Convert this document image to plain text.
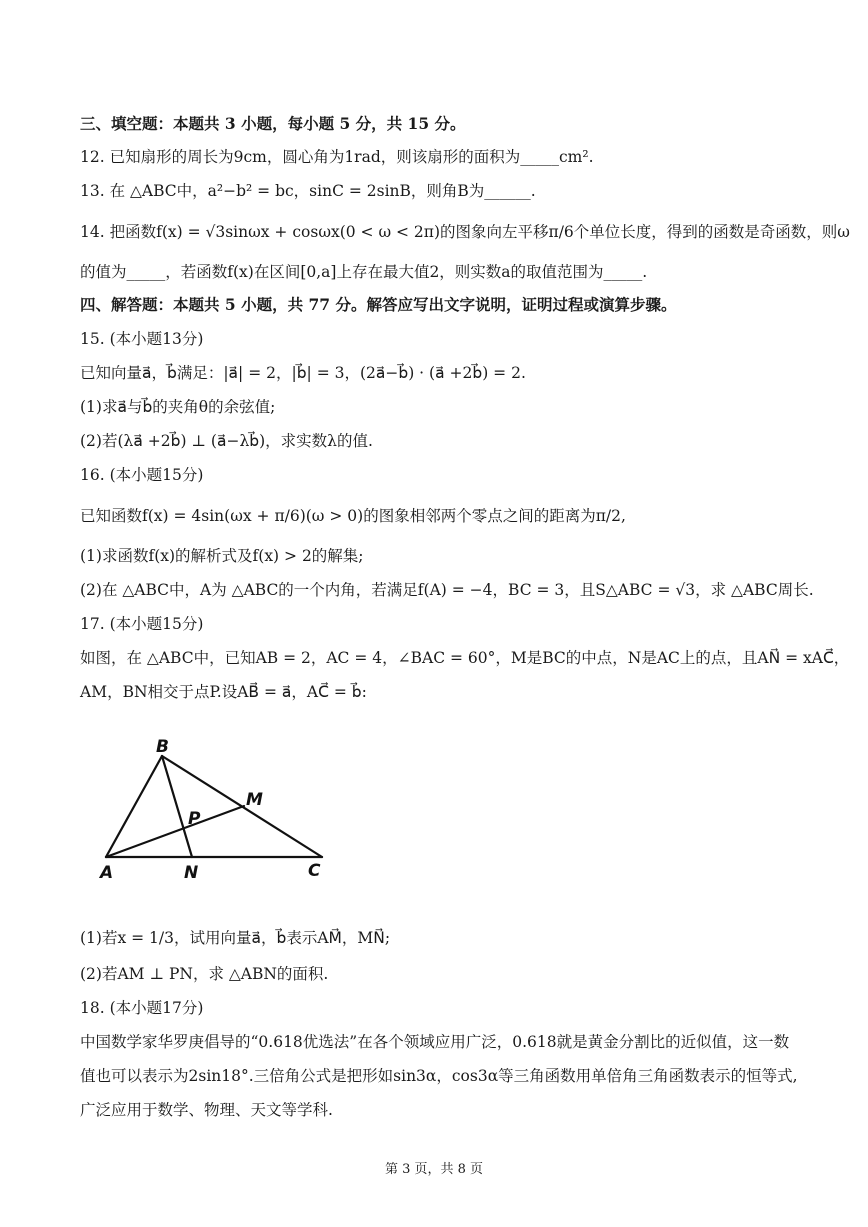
三、填空题：本题共 3 小题，每小题 5 分，共 15 分。
12. 已知扇形的周长为9cm，圆心角为1rad，则该扇形的面积为_____cm².
13. 在 △ABC中，a²−b² = bc，sinC = 2sinB，则角B为______.
14. 把函数f(x) = √3sinωx + cosωx(0 < ω < 2π)的图象向左平移π/6个单位长度，得到的函数是奇函数，则ω
的值为_____，若函数f(x)在区间[0,a]上存在最大值2，则实数a的取值范围为_____.
四、解答题：本题共 5 小题，共 77 分。解答应写出文字说明，证明过程或演算步骤。
15. (本小题13分)
已知向量a⃗，b⃗满足：|a⃗| = 2，|b⃗| = 3，(2a⃗−b⃗) · (a⃗ +2b⃗) = 2.
(1)求a⃗与b⃗的夹角θ的余弦值;
(2)若(λa⃗ +2b⃗) ⊥ (a⃗−λb⃗)，求实数λ的值.
16. (本小题15分)
已知函数f(x) = 4sin(ωx + π/6)(ω > 0)的图象相邻两个零点之间的距离为π/2,
(1)求函数f(x)的解析式及f(x) > 2的解集;
(2)在 △ABC中，A为 △ABC的一个内角，若满足f(A) = −4，BC = 3，且S△ABC = √3，求 △ABC周长.
17. (本小题15分)
如图，在 △ABC中，已知AB = 2，AC = 4，∠BAC = 60°，M是BC的中点，N是AC上的点，且AN⃗ = xAC⃗，
AM，BN相交于点P.设AB⃗ = a⃗，AC⃗ = b⃗:
B
M
P
A	N	C
(1)若x = 1/3，试用向量a⃗，b⃗表示AM⃗，MN⃗;
(2)若AM ⊥ PN，求 △ABN的面积.
18. (本小题17分)
中国数学家华罗庚倡导的“0.618优选法”在各个领域应用广泛，0.618就是黄金分割比的近似值，这一数
值也可以表示为2sin18°.三倍角公式是把形如sin3α，cos3α等三角函数用单倍角三角函数表示的恒等式,
广泛应用于数学、物理、天文等学科.
第 3 页，共 8 页
